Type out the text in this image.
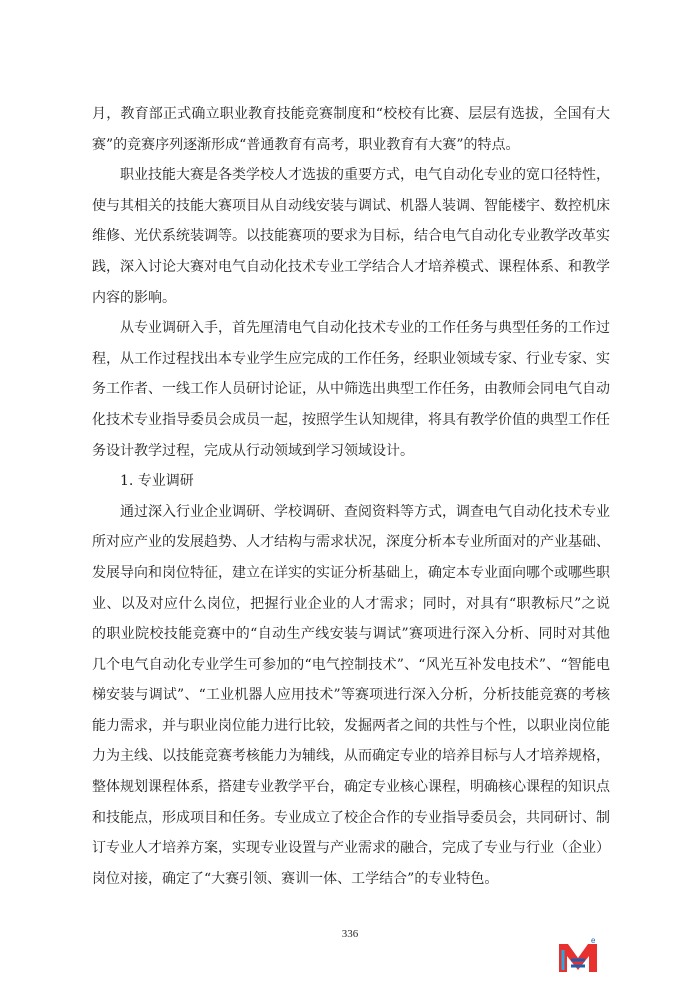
月，教育部正式确立职业教育技能竞赛制度和“校校有比赛、层层有选拔，全国有大赛”的竞赛序列逐渐形成“普通教育有高考，职业教育有大赛”的特点。

职业技能大赛是各类学校人才选拔的重要方式，电气自动化专业的宽口径特性，使与其相关的技能大赛项目从自动线安装与调试、机器人装调、智能楼宇、数控机床维修、光伏系统装调等。以技能赛项的要求为目标，结合电气自动化专业教学改革实践，深入讨论大赛对电气自动化技术专业工学结合人才培养模式、课程体系、和教学内容的影响。

从专业调研入手，首先厘清电气自动化技术专业的工作任务与典型任务的工作过程，从工作过程找出本专业学生应完成的工作任务，经职业领域专家、行业专家、实务工作者、一线工作人员研讨论证，从中筛选出典型工作任务，由教师会同电气自动化技术专业指导委员会成员一起，按照学生认知规律，将具有教学价值的典型工作任务设计教学过程，完成从行动领域到学习领域设计。

1. 专业调研

通过深入行业企业调研、学校调研、查阅资料等方式，调查电气自动化技术专业所对应产业的发展趋势、人才结构与需求状况，深度分析本专业所面对的产业基础、发展导向和岗位特征，建立在详实的实证分析基础上，确定本专业面向哪个或哪些职业、以及对应什么岗位，把握行业企业的人才需求；同时，对具有“职教标尺”之说的职业院校技能竞赛中的“自动生产线安装与调试”赛项进行深入分析、同时对其他几个电气自动化专业学生可参加的“电气控制技术”、“风光互补发电技术”、“智能电梯安装与调试”、“工业机器人应用技术”等赛项进行深入分析，分析技能竞赛的考核能力需求，并与职业岗位能力进行比较，发掘两者之间的共性与个性，以职业岗位能力为主线、以技能竞赛考核能力为辅线，从而确定专业的培养目标与人才培养规格，整体规划课程体系，搭建专业教学平台，确定专业核心课程，明确核心课程的知识点和技能点，形成项目和任务。专业成立了校企合作的专业指导委员会，共同研讨、制订专业人才培养方案，实现专业设置与产业需求的融合，完成了专业与行业（企业）岗位对接，确定了“大赛引领、赛训一体、工学结合”的专业特色。

336
e
